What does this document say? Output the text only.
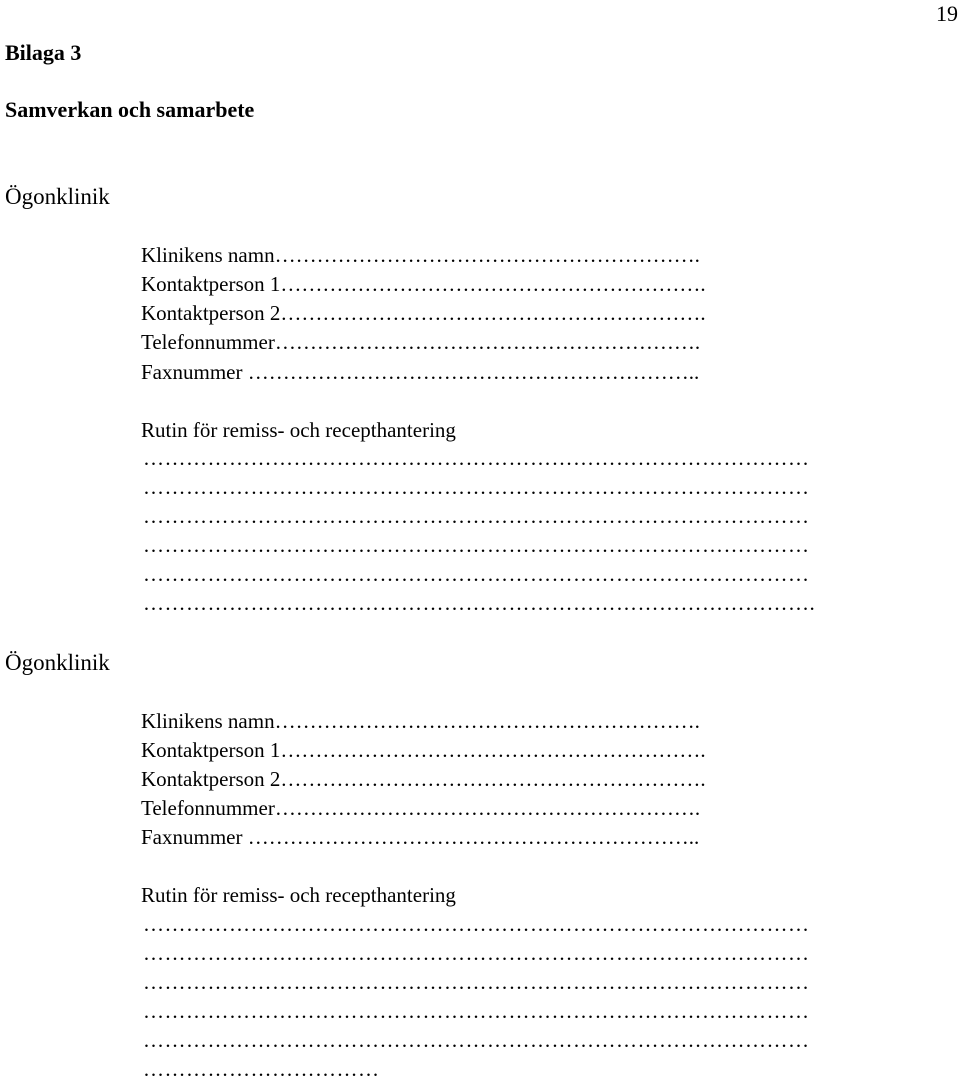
19
Bilaga 3
Samverkan och samarbete
Ögonklinik
Klinikens namn…………………………………………………….
Kontaktperson 1…………………………………………………….
Kontaktperson 2…………………………………………………….
Telefonnummer…………………………………………………….
Faxnummer ………………………………………………………..
Rutin för remiss- och recepthantering
…………………………………………………………………………………
…………………………………………………………………………………
…………………………………………………………………………………
…………………………………………………………………………………
…………………………………………………………………………………
………………………………………………………………………………….
Ögonklinik
Klinikens namn…………………………………………………….
Kontaktperson 1…………………………………………………….
Kontaktperson 2…………………………………………………….
Telefonnummer…………………………………………………….
Faxnummer ………………………………………………………..
Rutin för remiss- och recepthantering
…………………………………………………………………………………
…………………………………………………………………………………
…………………………………………………………………………………
…………………………………………………………………………………
…………………………………………………………………………………
……………………………
